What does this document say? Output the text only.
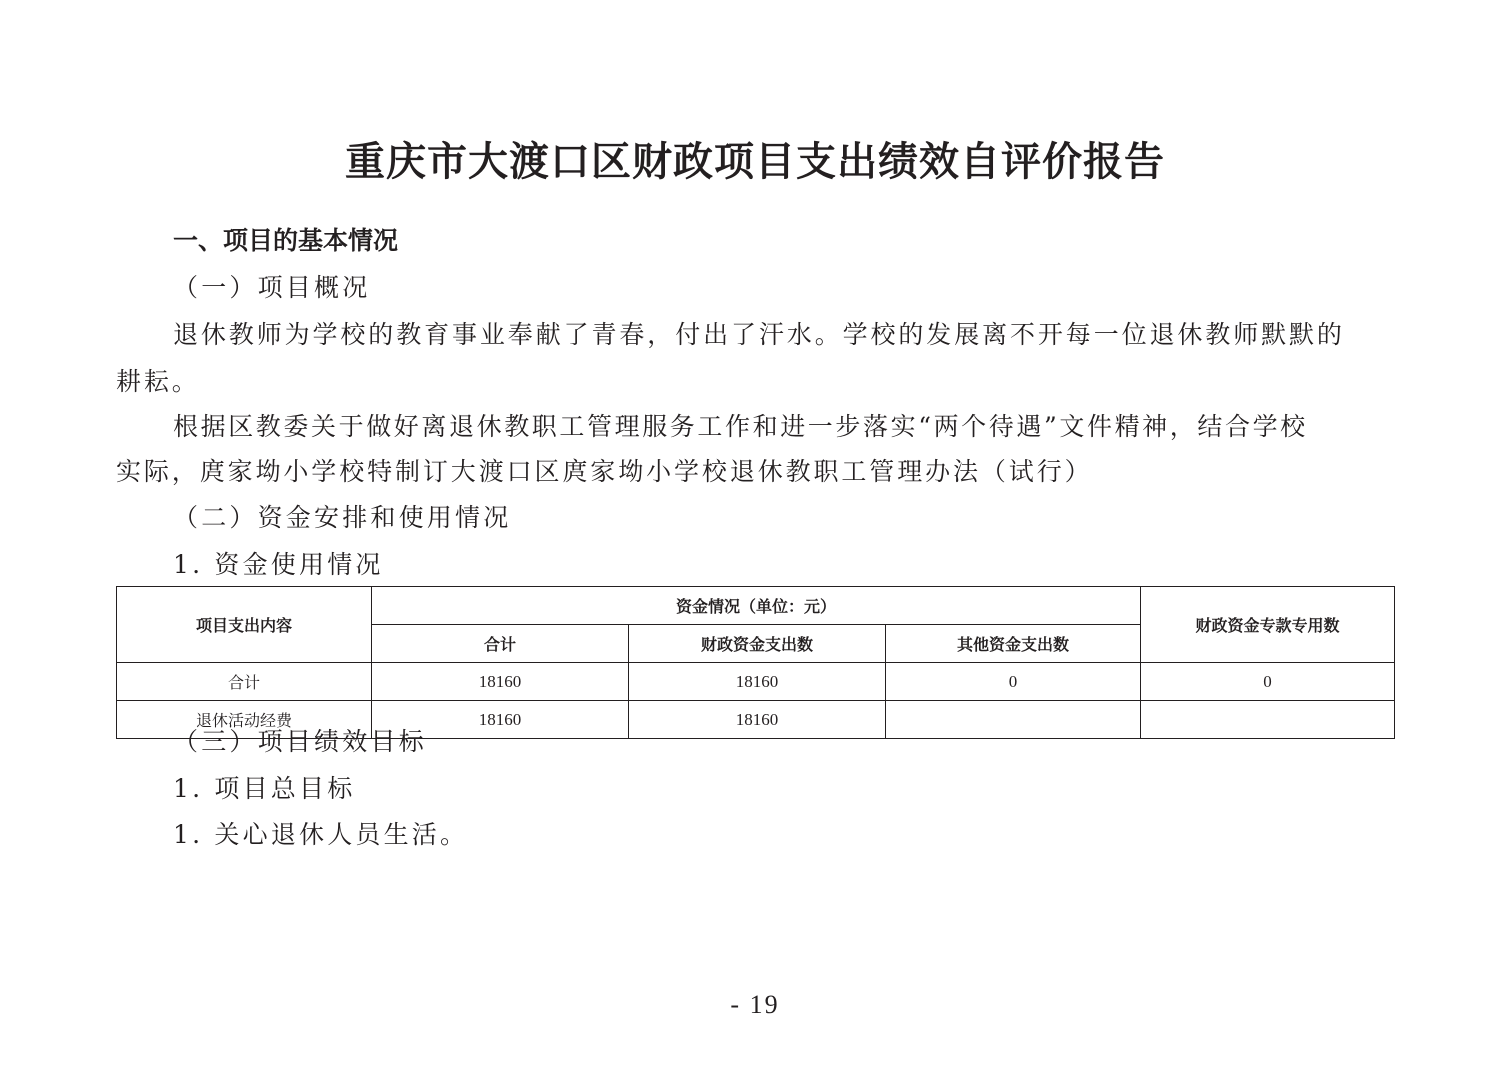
重庆市大渡口区财政项目支出绩效自评价报告
一、项目的基本情况
（一）项目概况
退休教师为学校的教育事业奉献了青春，付出了汗水。学校的发展离不开每一位退休教师默默的
耕耘。
根据区教委关于做好离退休教职工管理服务工作和进一步落实“两个待遇”文件精神，结合学校
实际，庹家坳小学校特制订大渡口区庹家坳小学校退休教职工管理办法（试行）
（二）资金安排和使用情况
1. 资金使用情况
项目支出内容	资金情况（单位：元）			财政资金专款专用数
	合计	财政资金支出数	其他资金支出数	
合计	18160	18160	0	0
退休活动经费	18160	18160		
（三）项目绩效目标
1. 项目总目标
1. 关心退休人员生活。
- 19
